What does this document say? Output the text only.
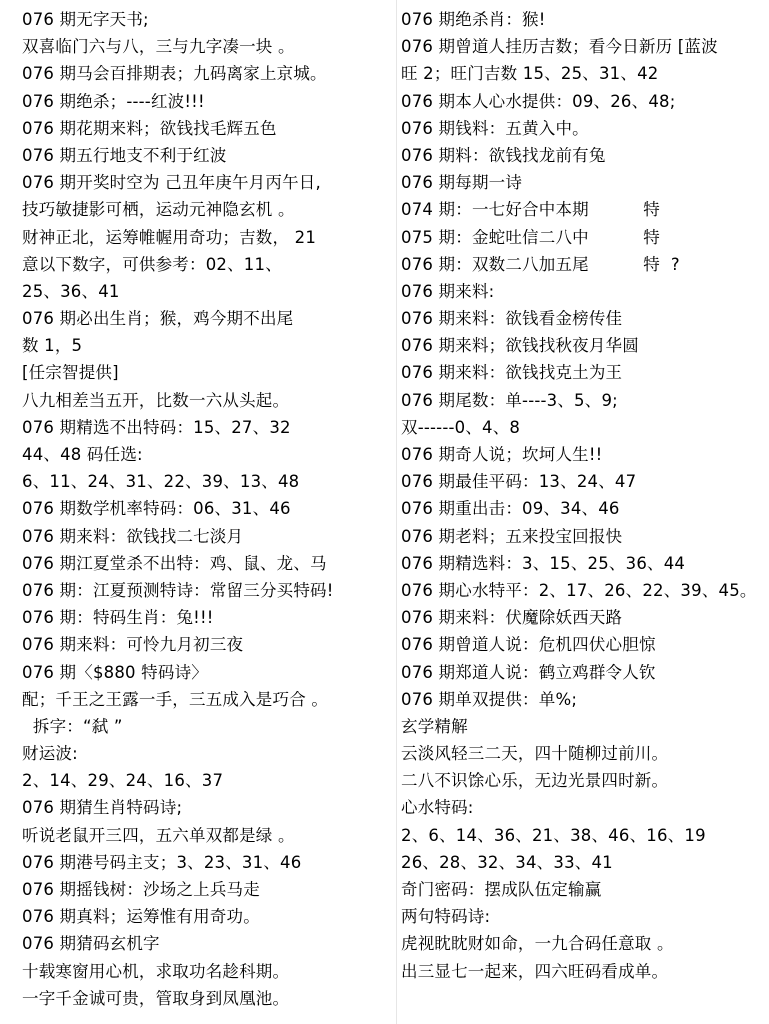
076 期无字天书;
双喜临门六与八，三与九字凑一块 。
076 期马会百排期表；九码离家上京城。
076 期绝杀；----红波!!!
076 期花期来料；欲钱找毛辉五色
076 期五行地支不利于红波
076 期开奖时空为 己丑年庚午月丙午日,
技巧敏捷影可栖，运动元神隐玄机 。
财神正北，运筹帷幄用奇功；吉数， 21
意以下数字，可供参考：02、11、
25、36、41
076 期必出生肖；猴，鸡今期不出尾
数 1，5
[任宗智提供]
八九相差当五开，比数一六从头起。
076 期精选不出特码：15、27、32
44、48 码任选:
6、11、24、31、22、39、13、48
076 期数学机率特码：06、31、46
076 期来料：欲钱找二七淡月
076 期江夏堂杀不出特：鸡、鼠、龙、马
076 期：江夏预测特诗：常留三分买特码!
076 期：特码生肖：兔!!!
076 期来料：可怜九月初三夜
076 期〈$880 特码诗〉
配；千王之王露一手，三五成入是巧合 。
拆字：“弑 ”
财运波:
2、14、29、24、16、37
076 期猜生肖特码诗;
听说老鼠开三四，五六单双都是绿 。
076 期港号码主支；3、23、31、46
076 期摇钱树：沙场之上兵马走
076 期真料；运筹惟有用奇功。
076 期猜码玄机字
十载寒窗用心机，求取功名趁科期。
一字千金诚可贵，管取身到凤凰池。
076 期绝杀肖：猴!
076 期曾道人挂历吉数；看今日新历 [蓝波
旺 2；旺门吉数 15、25、31、42
076 期本人心水提供：09、26、48;
076 期钱料：五黄入中。
076 期料：欲钱找龙前有兔
076 期每期一诗
074 期：一七好合中本期          特
075 期：金蛇吐信二八中          特
076 期：双数二八加五尾          特  ?
076 期来料:
076 期来料：欲钱看金榜传佳
076 期来料；欲钱找秋夜月华圆
076 期来料：欲钱找克土为王
076 期尾数：单----3、5、9;
双------0、4、8
076 期奇人说；坎坷人生!!
076 期最佳平码：13、24、47
076 期重出击：09、34、46
076 期老料；五来投宝回报快
076 期精选料：3、15、25、36、44
076 期心水特平：2、17、26、22、39、45。
076 期来料：伏魔除妖西天路
076 期曾道人说：危机四伏心胆惊
076 期郑道人说：鹤立鸡群令人钦
076 期单双提供：单%;
玄学精解
云淡风轻三二天，四十随柳过前川。
二八不识馀心乐，无边光景四时新。
心水特码:
2、6、14、36、21、38、46、16、19
26、28、32、34、33、41
奇门密码：摆成队伍定输赢
两句特码诗:
虎视眈眈财如命，一九合码任意取 。
出三显七一起来，四六旺码看成单。
